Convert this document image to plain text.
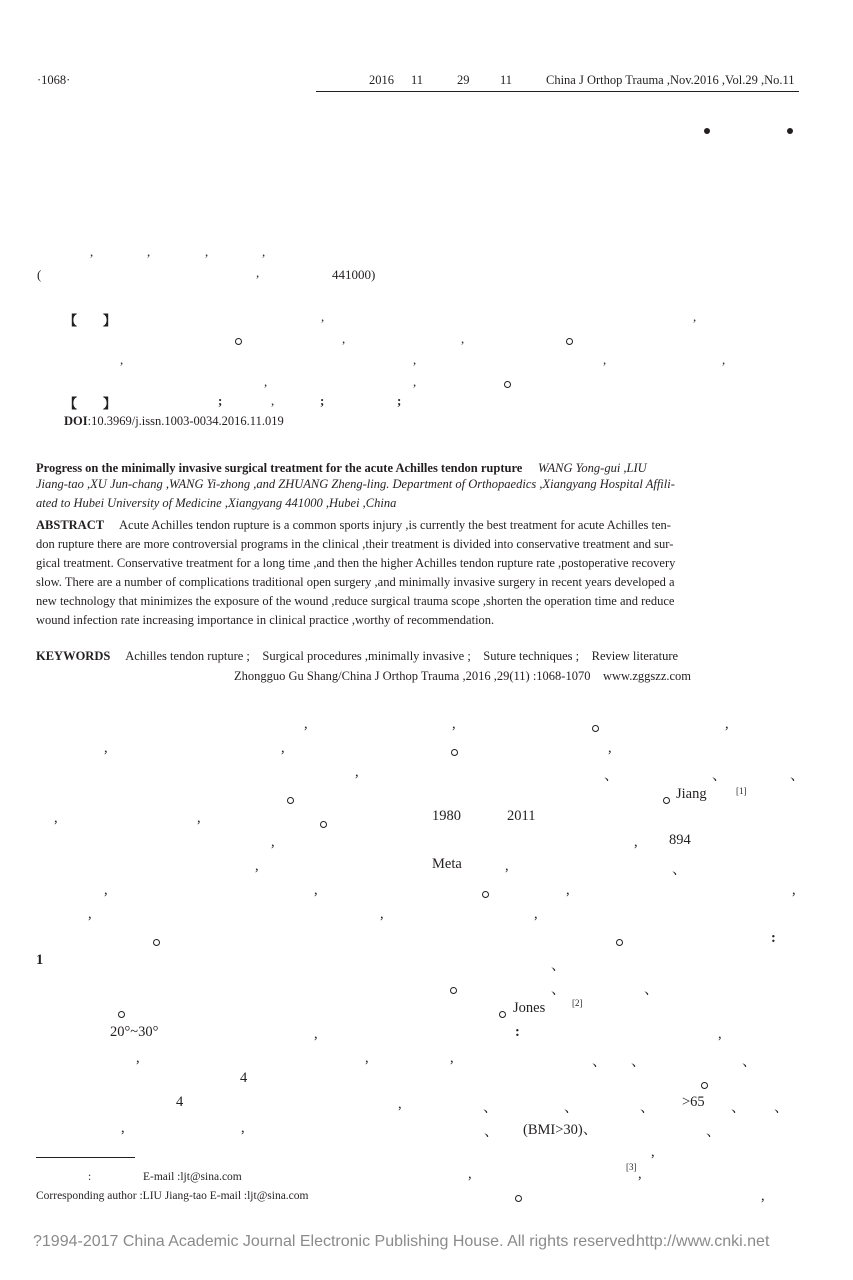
·1068·	2016 11	29 11	China J Orthop Trauma ,Nov.2016 ,Vol.29 ,No.11
,	,	,	,
(	,	441000)
【　　】	,	,
,	,
,	,	,	,
,	,
【　　】	;	,	;	;
DOI:10.3969/j.issn.1003-0034.2016.11.019
Progress on the minimally invasive surgical treatment for the acute Achilles tendon rupture　 WANG Yong-gui ,LIU
Jiang-tao ,XU Jun-chang ,WANG Yi-zhong ,and ZHUANG Zheng-ling. Department of Orthopaedics ,Xiangyang Hospital Affili-
ated to Hubei University of Medicine ,Xiangyang 441000 ,Hubei ,China
ABSTRACT　 Acute Achilles tendon rupture is a common sports injury ,is currently the best treatment for acute Achilles ten-
don rupture there are more controversial programs in the clinical ,their treatment is divided into conservative treatment and sur-
gical treatment. Conservative treatment for a long time ,and then the higher Achilles tendon rupture rate ,postoperative recovery
slow. There are a number of complications traditional open surgery ,and minimally invasive surgery in recent years developed a
new technology that minimizes the exposure of the wound ,reduce surgical trauma scope ,shorten the operation time and reduce
wound infection rate increasing importance in clinical practice ,worthy of recommendation.
KEYWORDS　 Achilles tendon rupture ;　Surgical procedures ,minimally invasive ;　Suture techniques ;　Review literature
Zhongguo Gu Shang/China J Orthop Trauma ,2016 ,29(11) :1068-1070　www.zggszz.com
,	,	,
,	,	,
,	、	、	、
Jiang	[1]
,	,	1980	2011
,	, 894
,	Meta	,	、
,	,	,	,
,	,	,
:
1	、
、	、
Jones	[2]
20°~30°	,	:	,
,	,	,	、 、	、
4
4	,	、	、	、 >65 、 、
,	,	、 (BMI>30)、	、
,
,	[3] ,
,
:	E-mail :ljt@sina.com
Corresponding author :LIU Jiang-tao E-mail :ljt@sina.com
?1994-2017 China Academic Journal Electronic Publishing House. All rights reserved.
http://www.cnki.net
